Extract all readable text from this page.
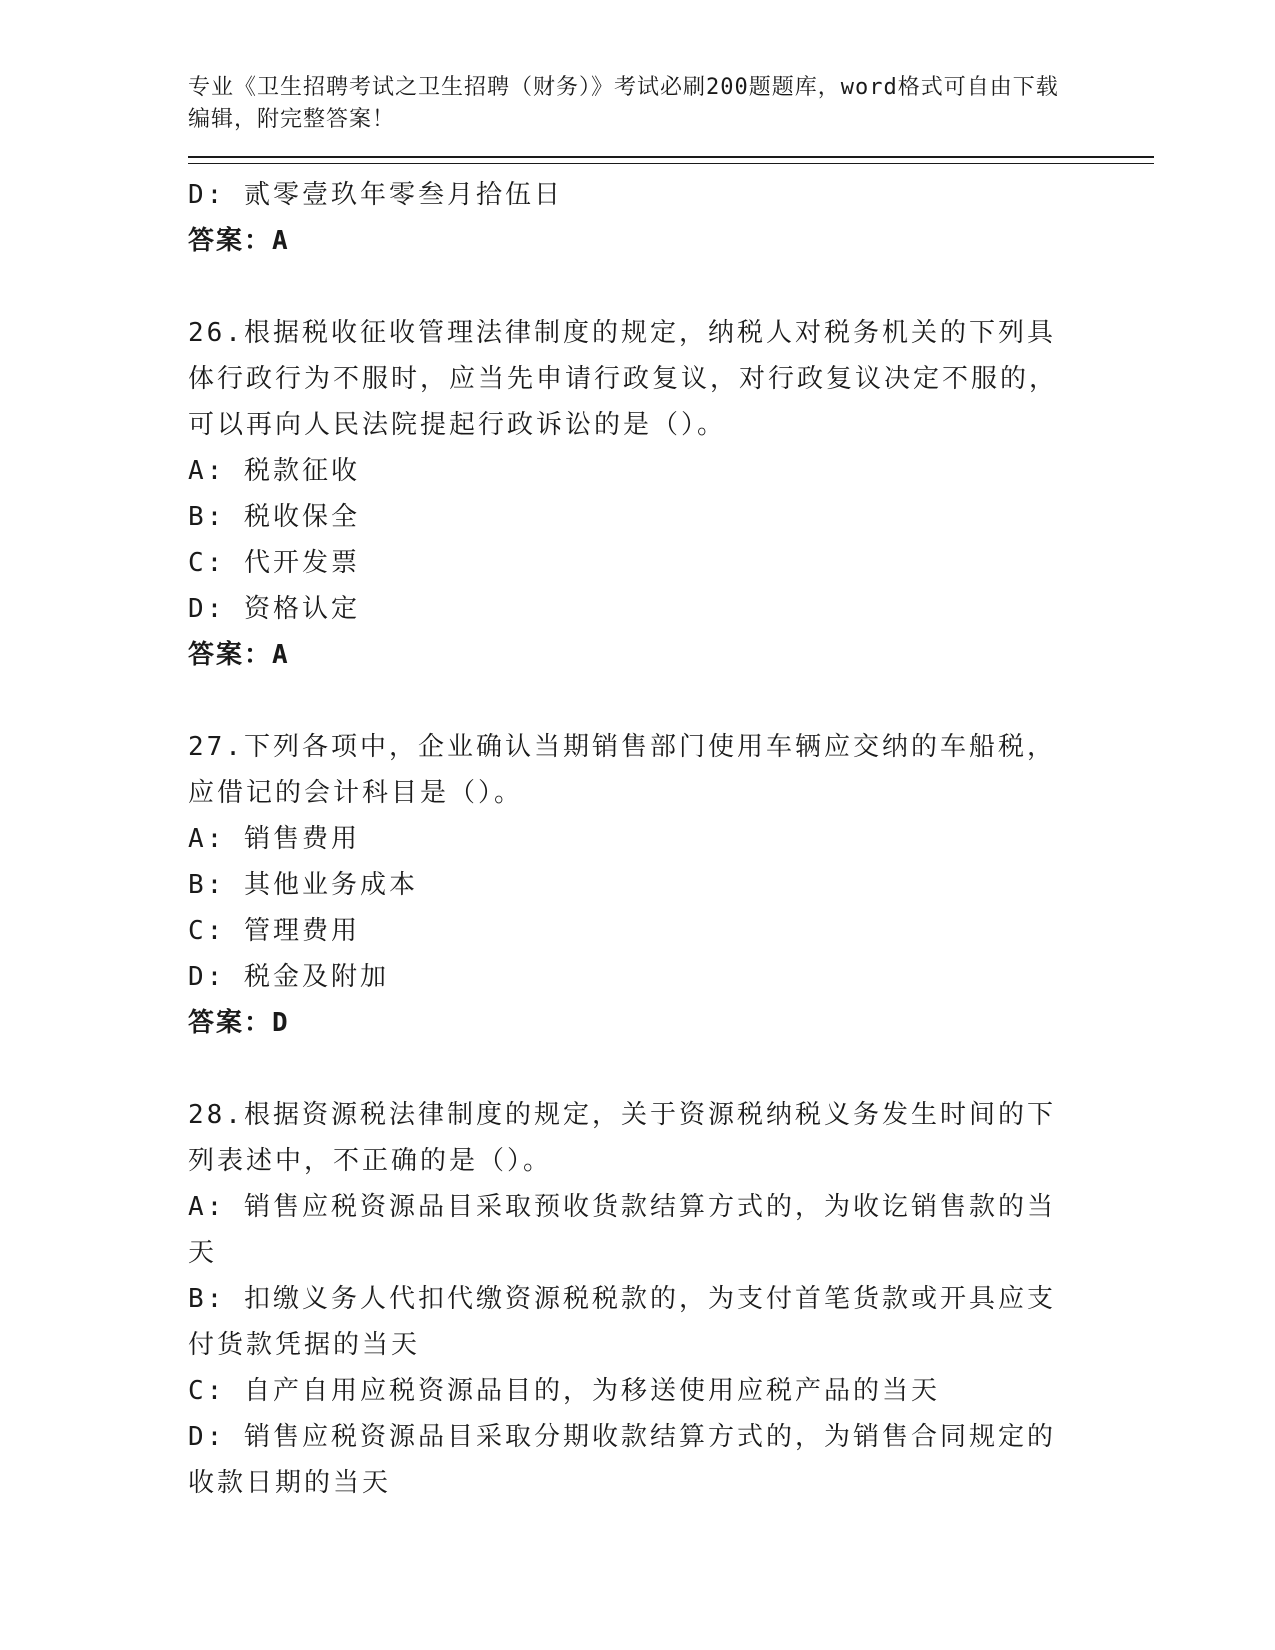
专业《卫生招聘考试之卫生招聘（财务）》考试必刷200题题库，word格式可自由下载编辑，附完整答案！
D: 贰零壹玖年零叁月拾伍日
答案：A
26.根据税收征收管理法律制度的规定，纳税人对税务机关的下列具体行政行为不服时，应当先申请行政复议，对行政复议决定不服的，可以再向人民法院提起行政诉讼的是（）。
A: 税款征收
B: 税收保全
C: 代开发票
D: 资格认定
答案：A
27.下列各项中，企业确认当期销售部门使用车辆应交纳的车船税，应借记的会计科目是（）。
A: 销售费用
B: 其他业务成本
C: 管理费用
D: 税金及附加
答案：D
28.根据资源税法律制度的规定，关于资源税纳税义务发生时间的下列表述中，不正确的是（）。
A: 销售应税资源品目采取预收货款结算方式的，为收讫销售款的当天
B: 扣缴义务人代扣代缴资源税税款的，为支付首笔货款或开具应支付货款凭据的当天
C: 自产自用应税资源品目的，为移送使用应税产品的当天
D: 销售应税资源品目采取分期收款结算方式的，为销售合同规定的收款日期的当天
